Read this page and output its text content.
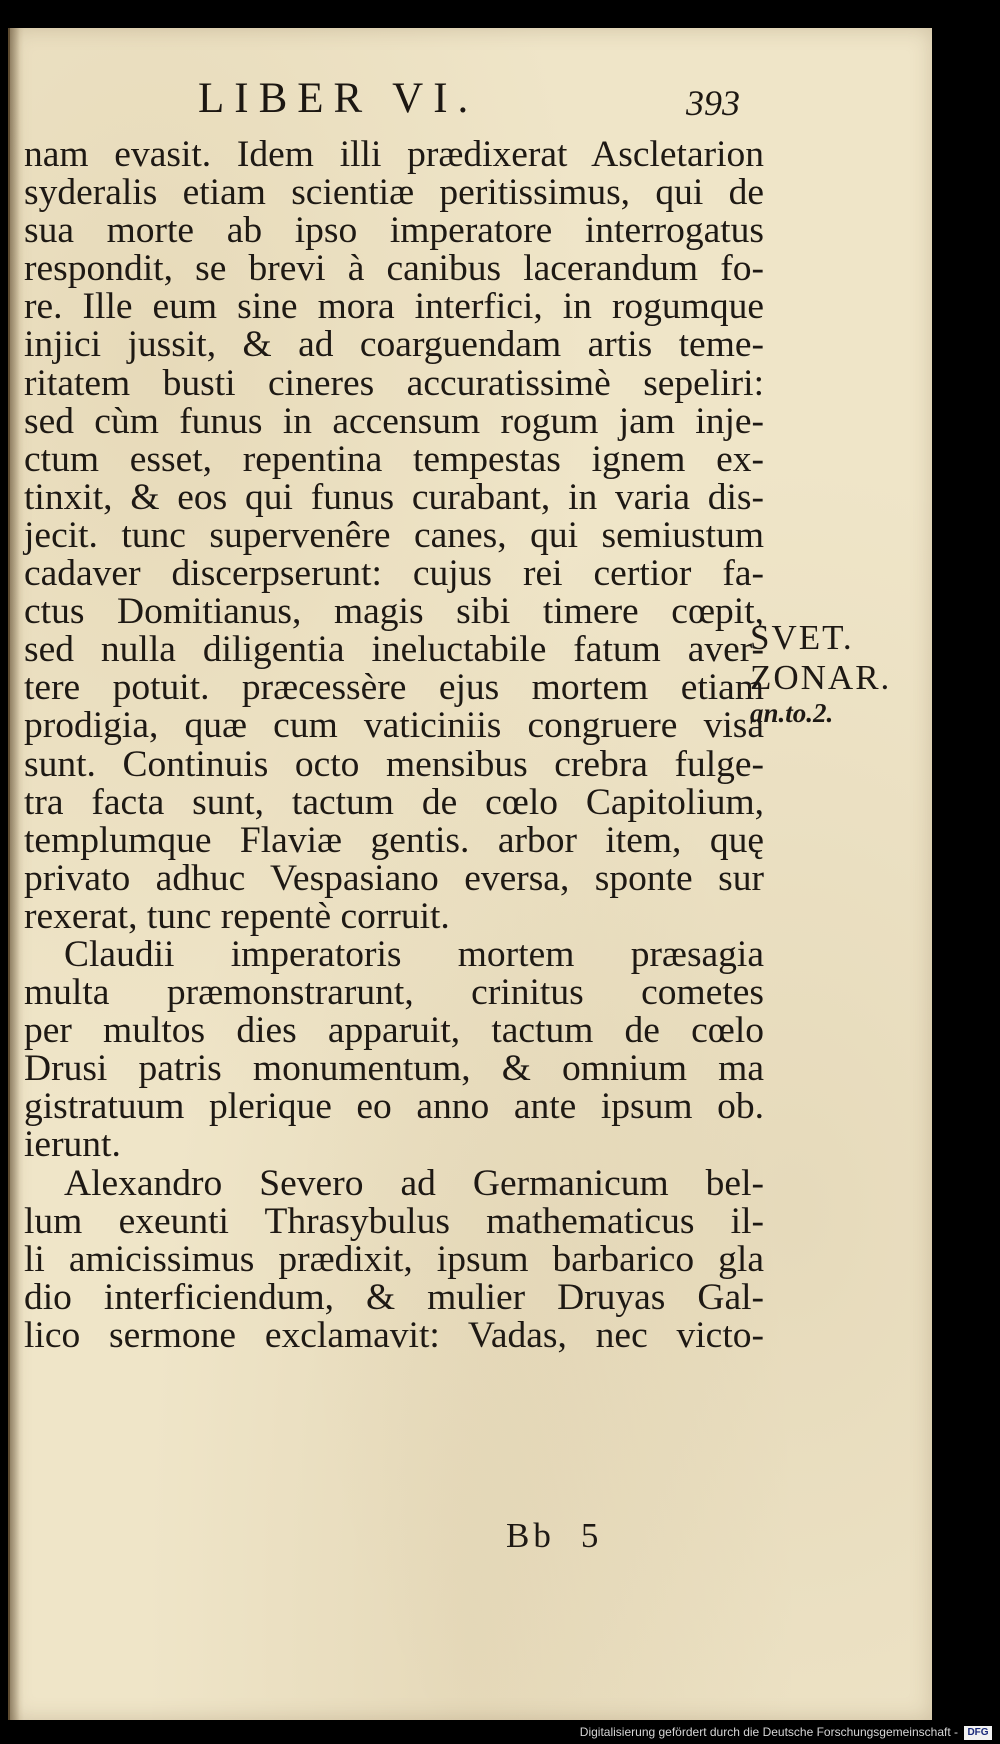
LIBER VI.	393
nam evasit. Idem illi prædixerat Ascletarion
syderalis etiam scientiæ peritissimus, qui de
sua morte ab ipso imperatore interrogatus
respondit, se brevi à canibus lacerandum fo-
re. Ille eum sine mora interfici, in rogumque
injici jussit, & ad coarguendam artis teme-
ritatem busti cineres accuratissimè sepeliri:
sed cùm funus in accensum rogum jam inje-
ctum esset, repentina tempestas ignem ex-
tinxit, & eos qui funus curabant, in varia dis-
jecit. tunc supervenêre canes, qui semiustum
cadaver discerpserunt: cujus rei certior fa-
ctus Domitianus, magis sibi timere cœpit,
sed nulla diligentia ineluctabile fatum aver-
tere potuit. præcessère ejus mortem etiam
prodigia, quæ cum vaticiniis congruere visa
sunt. Continuis octo mensibus crebra fulge-
tra facta sunt, tactum de cœlo Capitolium,
templumque Flaviæ gentis. arbor item, quę
privato adhuc Vespasiano eversa, sponte sur
rexerat, tunc repentè corruit.
Claudii imperatoris mortem præsagia
multa præmonstrarunt, crinitus cometes
per multos dies apparuit, tactum de cœlo
Drusi patris monumentum, & omnium ma
gistratuum plerique eo anno ante ipsum ob.
ierunt.
Alexandro Severo ad Germanicum bel-
lum exeunti Thrasybulus mathematicus il-
li amicissimus prædixit, ipsum barbarico gla
dio interficiendum, & mulier Druyas Gal-
lico sermone exclamavit: Vadas, nec victo-
SVET.
ZONAR.
an.to.2.
Bb 5
Digitalisierung gefördert durch die Deutsche Forschungsgemeinschaft - DFG
